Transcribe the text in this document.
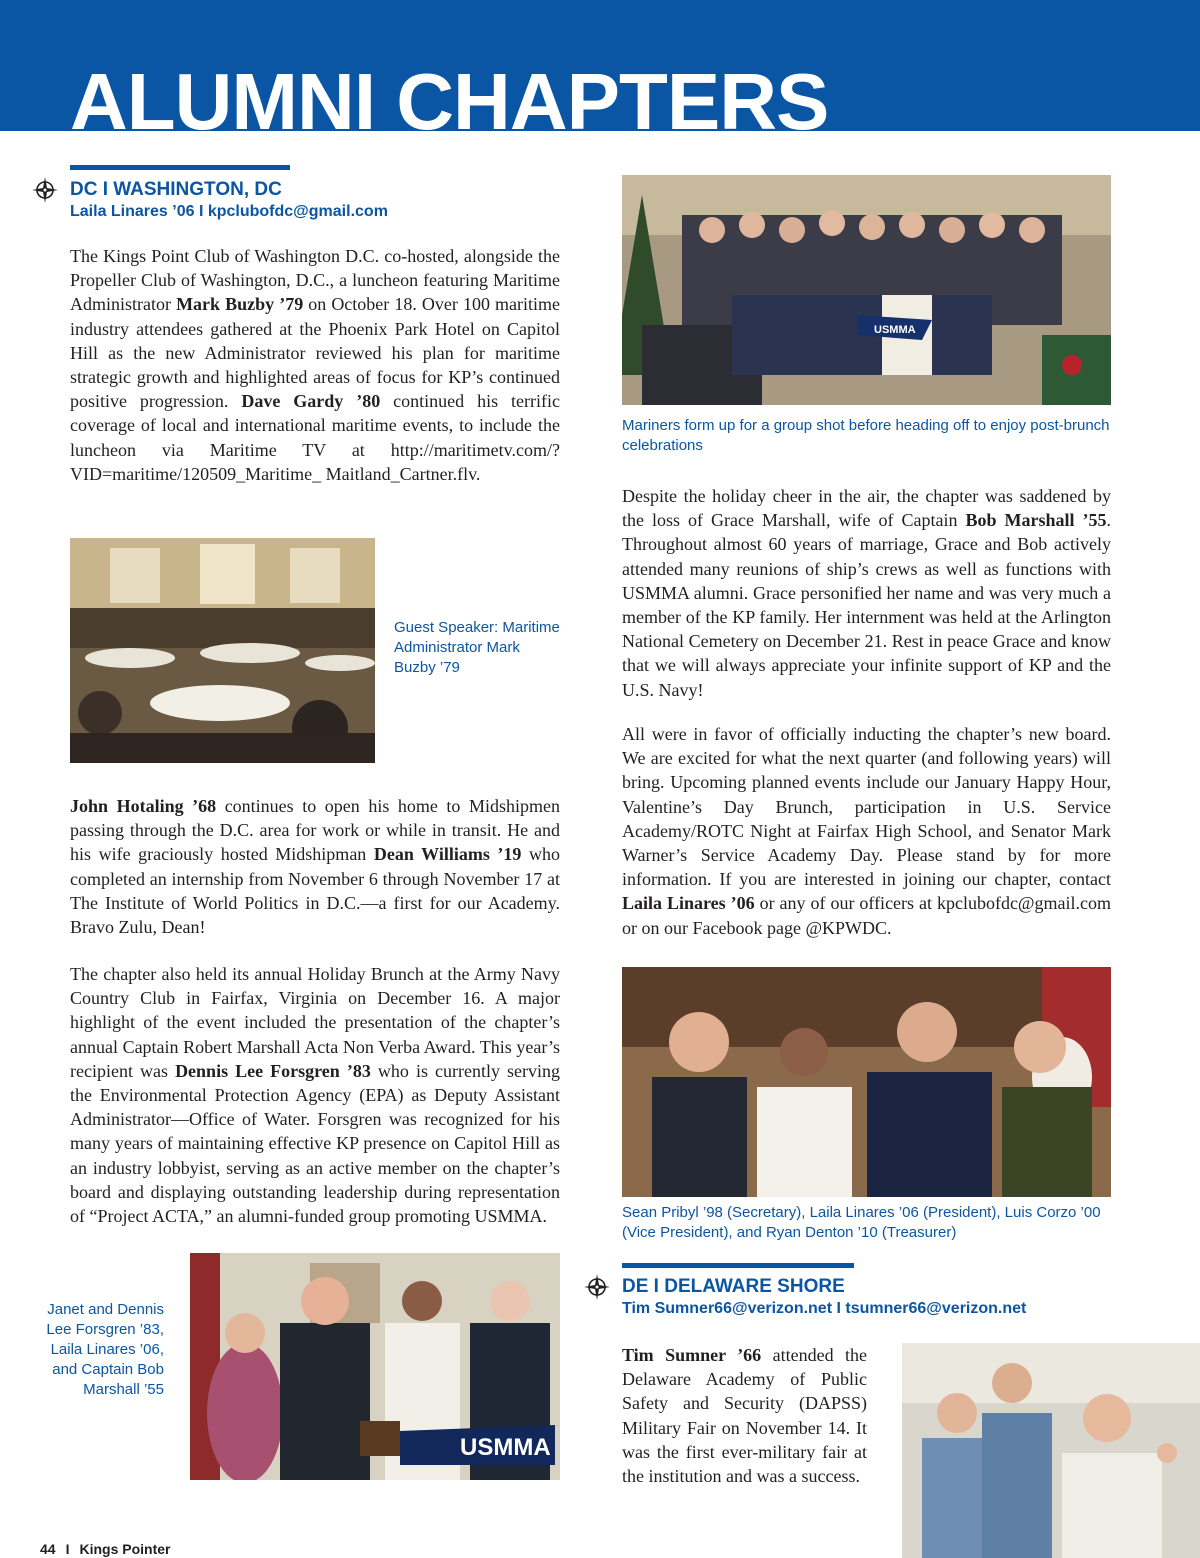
ALUMNI CHAPTERS

DC I WASHINGTON, DC

Laila Linares ’06 I kpclubofdc@gmail.com

The Kings Point Club of Washington D.C. co-hosted, alongside the Propeller Club of Washington, D.C., a luncheon featuring Maritime Administrator Mark Buzby ’79 on October 18. Over 100 maritime industry attendees gathered at the Phoenix Park Hotel on Capitol Hill as the new Administrator reviewed his plan for maritime strategic growth and highlighted areas of focus for KP’s continued positive progression. Dave Gardy ’80 continued his terrific coverage of local and international maritime events, to include the luncheon via Maritime TV at http://maritimetv.com/?VID=maritime/120509_Maritime_ Maitland_Cartner.flv.

Guest Speaker: Maritime Administrator Mark Buzby ’79

John Hotaling ’68 continues to open his home to Midshipmen passing through the D.C. area for work or while in transit. He and his wife graciously hosted Midshipman Dean Williams ’19 who completed an internship from November 6 through November 17 at The Institute of World Politics in D.C.—a first for our Academy. Bravo Zulu, Dean!

The chapter also held its annual Holiday Brunch at the Army Navy Country Club in Fairfax, Virginia on December 16. A major highlight of the event included the presentation of the chapter’s annual Captain Robert Marshall Acta Non Verba Award. This year’s recipient was Dennis Lee Forsgren ’83 who is currently serving the Environmental Protection Agency (EPA) as Deputy Assistant Administrator—Office of Water. Forsgren was recognized for his many years of maintaining effective KP presence on Capitol Hill as an industry lobbyist, serving as an active member on the chapter’s board and displaying outstanding leadership during representation of “Project ACTA,” an alumni-funded group promoting USMMA.

USMMA

Janet and Dennis Lee Forsgren ’83, Laila Linares ’06, and Captain Bob Marshall ’55

USMMA

Mariners form up for a group shot before heading off to enjoy post-brunch celebrations

Despite the holiday cheer in the air, the chapter was saddened by the loss of Grace Marshall, wife of Captain Bob Marshall ’55. Throughout almost 60 years of marriage, Grace and Bob actively attended many reunions of ship’s crews as well as functions with USMMA alumni. Grace personified her name and was very much a member of the KP family. Her internment was held at the Arlington National Cemetery on December 21. Rest in peace Grace and know that we will always appreciate your infinite support of KP and the U.S. Navy!

All were in favor of officially inducting the chapter’s new board. We are excited for what the next quarter (and following years) will bring. Upcoming planned events include our January Happy Hour, Valentine’s Day Brunch, participation in U.S. Service Academy/ROTC Night at Fairfax High School, and Senator Mark Warner’s Service Academy Day. Please stand by for more information. If you are interested in joining our chapter, contact Laila Linares ’06 or any of our officers at kpclubofdc@gmail.com or on our Facebook page @KPWDC.

Sean Pribyl ’98 (Secretary), Laila Linares ’06 (President), Luis Corzo ’00 (Vice President), and Ryan Denton ’10 (Treasurer)

DE I DELAWARE SHORE

Tim Sumner66@verizon.net I tsumner66@verizon.net

Tim Sumner ’66 attended the Delaware Academy of Public Safety and Security (DAPSS) Military Fair on November 14. It was the first ever-military fair at the institution and was a success.

44 I Kings Pointer
